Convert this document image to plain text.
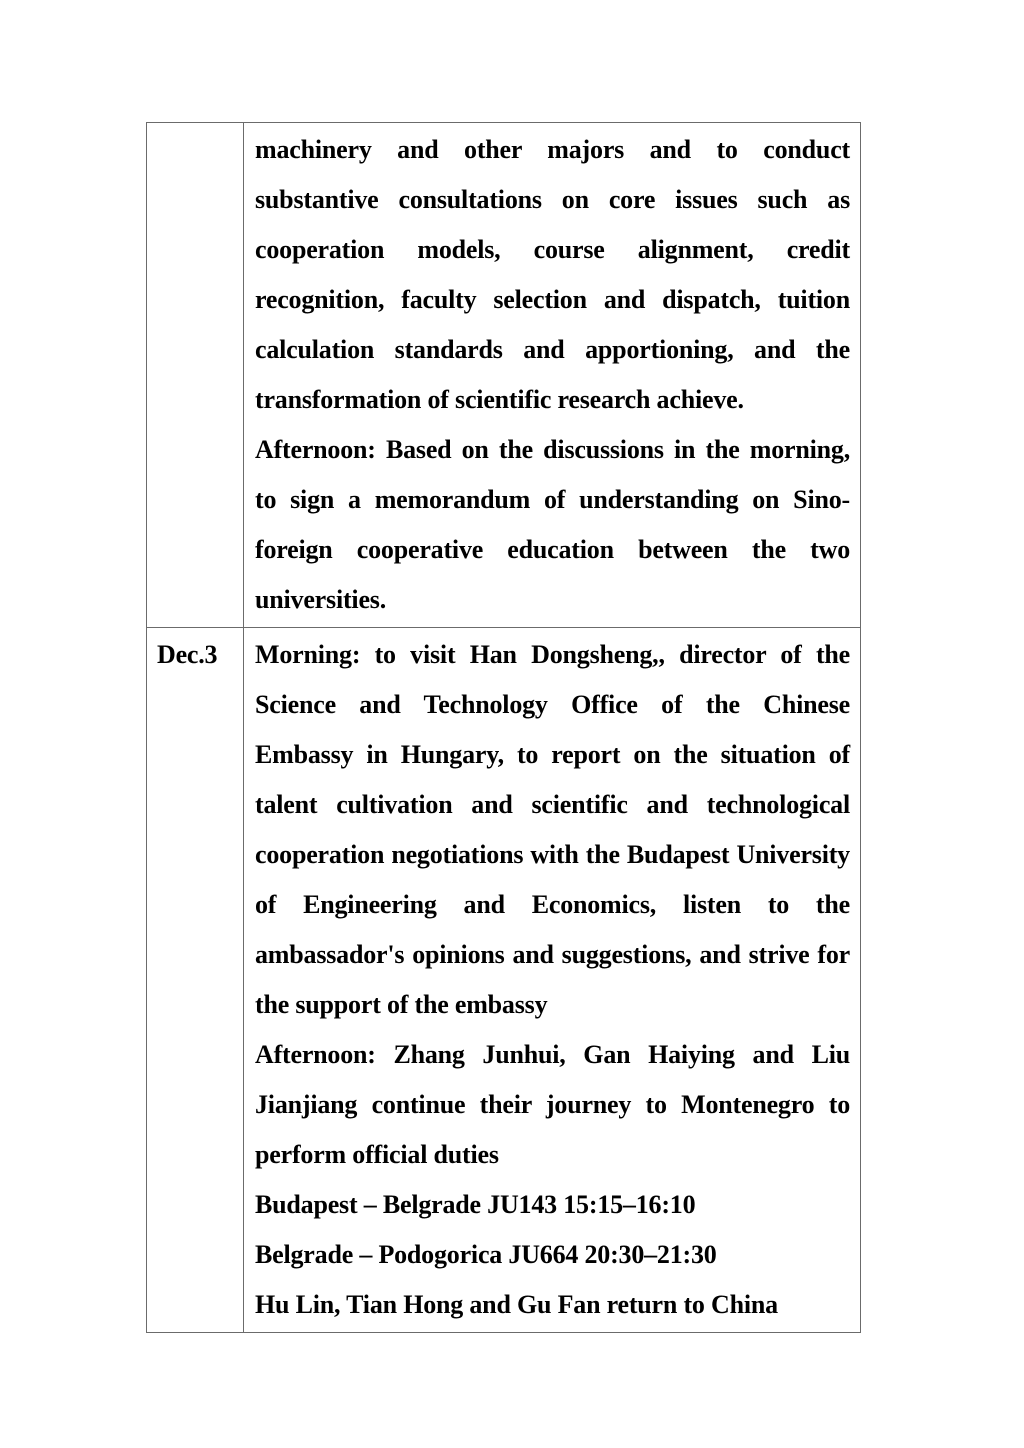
	machinery and other majors and to conduct substantive consultations on core issues such as cooperation models, course alignment, credit recognition, faculty selection and dispatch, tuition calculation standards and apportioning, and the transformation of scientific research achieve.

Afternoon: Based on the discussions in the morning, to sign a memorandum of understanding on Sino-foreign cooperative education between the two universities.

Dec.3	Morning: to visit Han Dongsheng,, director of the Science and Technology Office of the Chinese Embassy in Hungary, to report on the situation of talent cultivation and scientific and technological cooperation negotiations with the Budapest University of Engineering and Economics, listen to the ambassador's opinions and suggestions, and strive for the support of the embassy

Afternoon: Zhang Junhui, Gan Haiying and Liu Jianjiang continue their journey to Montenegro to perform official duties

Budapest – Belgrade JU143 15:15–16:10

Belgrade – Podogorica JU664 20:30–21:30

Hu Lin, Tian Hong and Gu Fan return to China
